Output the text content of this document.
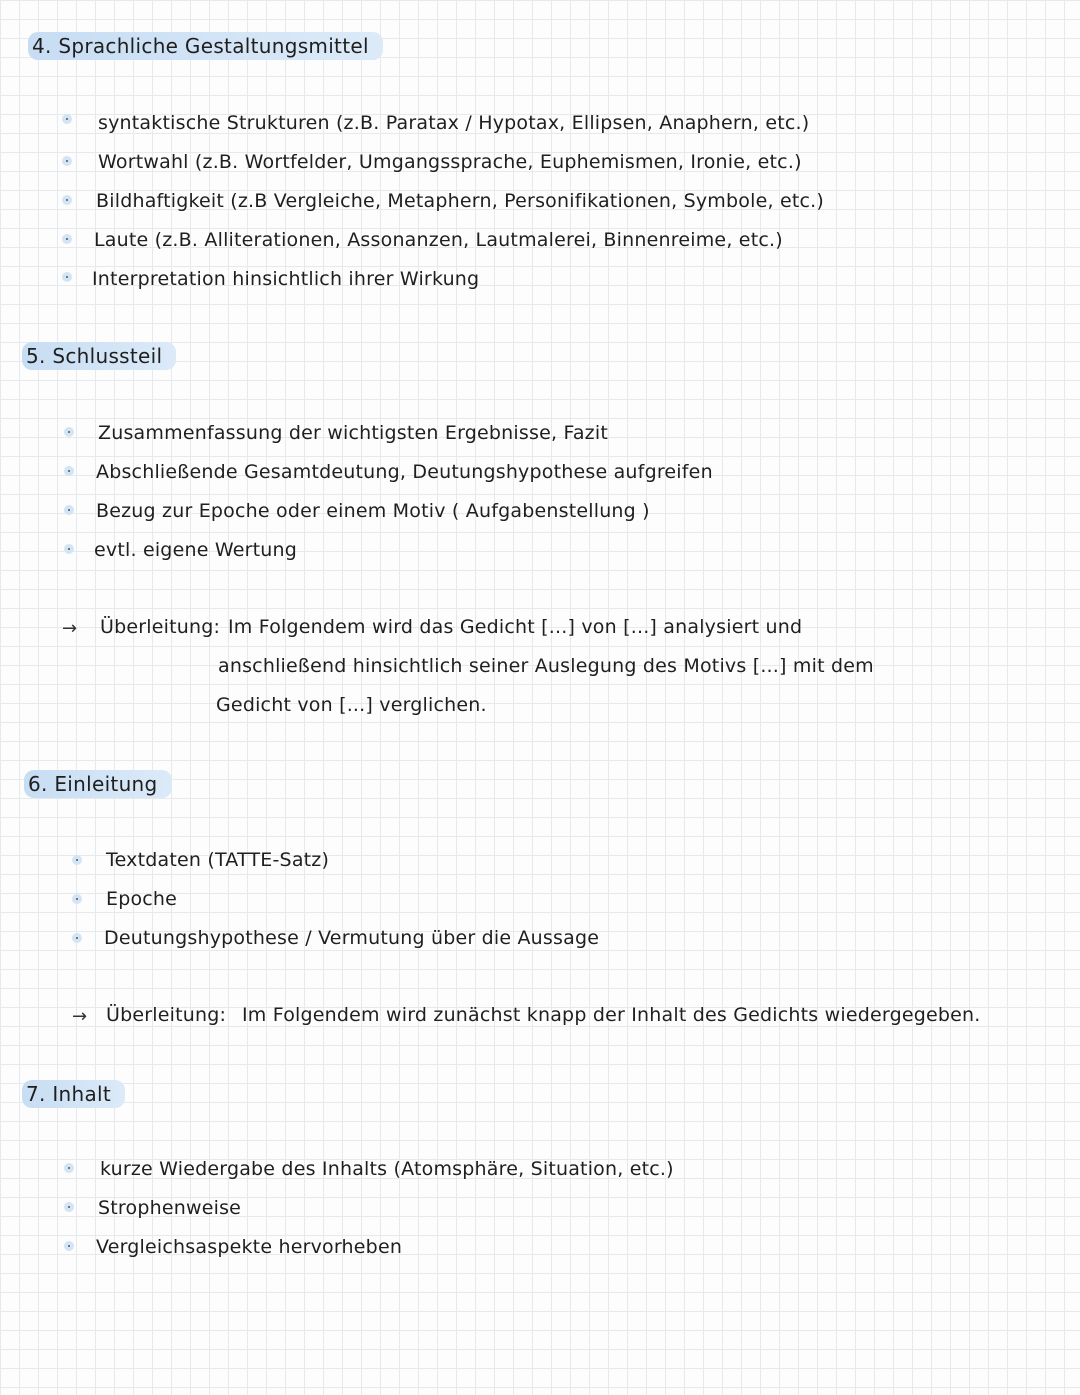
4. Sprachliche Gestaltungsmittel
syntaktische Strukturen (z.B. Paratax / Hypotax, Ellipsen, Anaphern, etc.)
Wortwahl (z.B. Wortfelder, Umgangssprache, Euphemismen, Ironie, etc.)
Bildhaftigkeit (z.B Vergleiche, Metaphern, Personifikationen, Symbole, etc.)
Laute (z.B. Alliterationen, Assonanzen, Lautmalerei, Binnenreime, etc.)
Interpretation hinsichtlich ihrer Wirkung
5. Schlussteil
Zusammenfassung der wichtigsten Ergebnisse, Fazit
Abschließende Gesamtdeutung, Deutungshypothese aufgreifen
Bezug zur Epoche oder einem Motiv ( Aufgabenstellung )
evtl. eigene Wertung
→ Überleitung: Im Folgendem wird das Gedicht [...] von [...] analysiert und
anschließend hinsichtlich seiner Auslegung des Motivs [...] mit dem
Gedicht von [...] verglichen.
6. Einleitung
Textdaten (TATTE-Satz)
Epoche
Deutungshypothese / Vermutung über die Aussage
→ Überleitung: Im Folgendem wird zunächst knapp der Inhalt des Gedichts wiedergegeben.
7. Inhalt
kurze Wiedergabe des Inhalts (Atomsphäre, Situation, etc.)
Strophenweise
Vergleichsaspekte hervorheben
